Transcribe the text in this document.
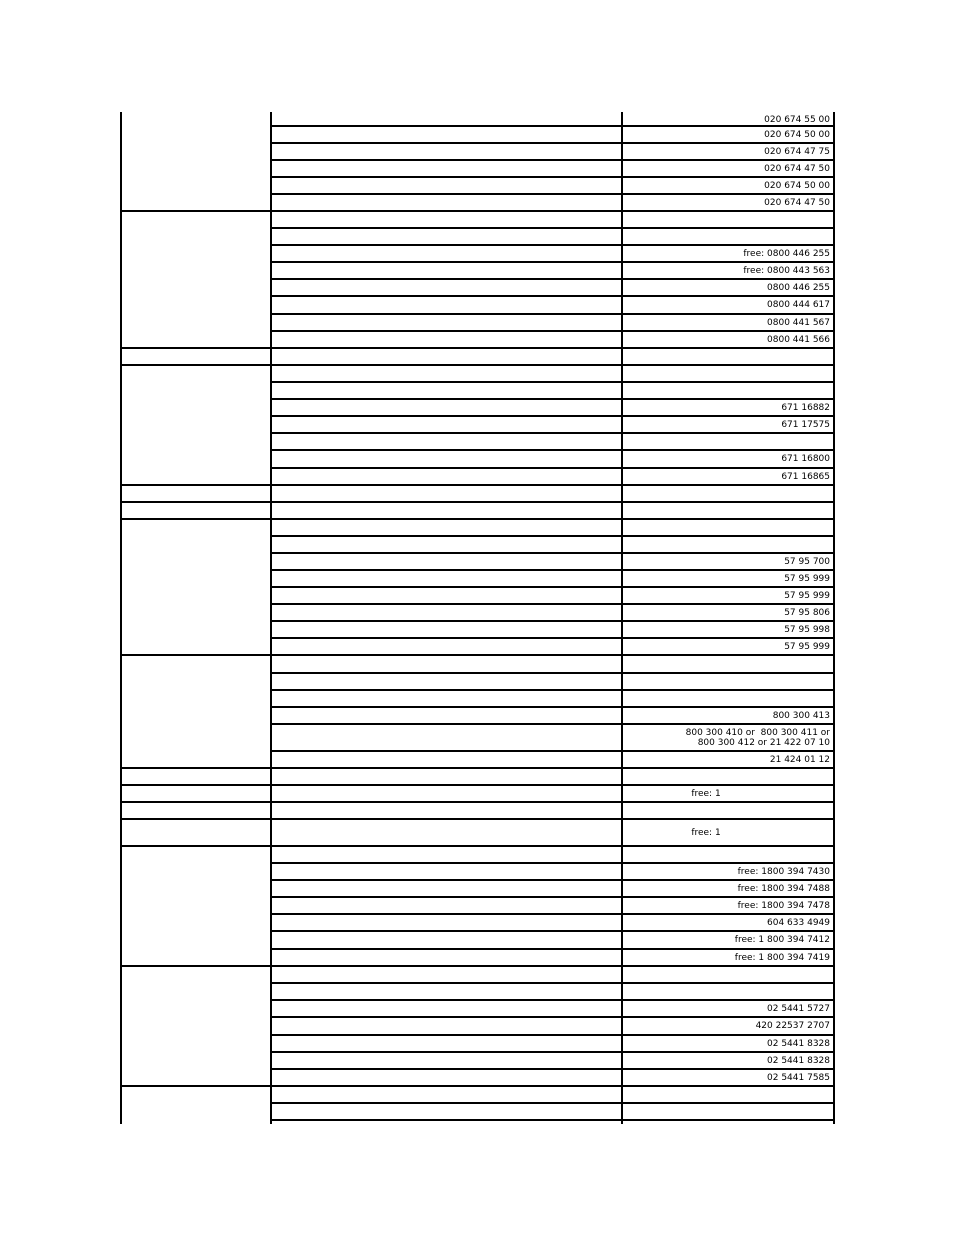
020 674 55 00
020 674 50 00
020 674 47 75
020 674 47 50
020 674 50 00
020 674 47 50
free: 0800 446 255
free: 0800 443 563
0800 446 255
0800 444 617
0800 441 567
0800 441 566
671 16882
671 17575
671 16800
671 16865
57 95 700
57 95 999
57 95 999
57 95 806
57 95 998
57 95 999
800 300 413
800 300 410 or  800 300 411 or
800 300 412 or 21 422 07 10
21 424 01 12
free: 1
free: 1
free: 1800 394 7430
free: 1800 394 7488
free: 1800 394 7478
604 633 4949
free: 1 800 394 7412
free: 1 800 394 7419
02 5441 5727
420 22537 2707
02 5441 8328
02 5441 8328
02 5441 7585
